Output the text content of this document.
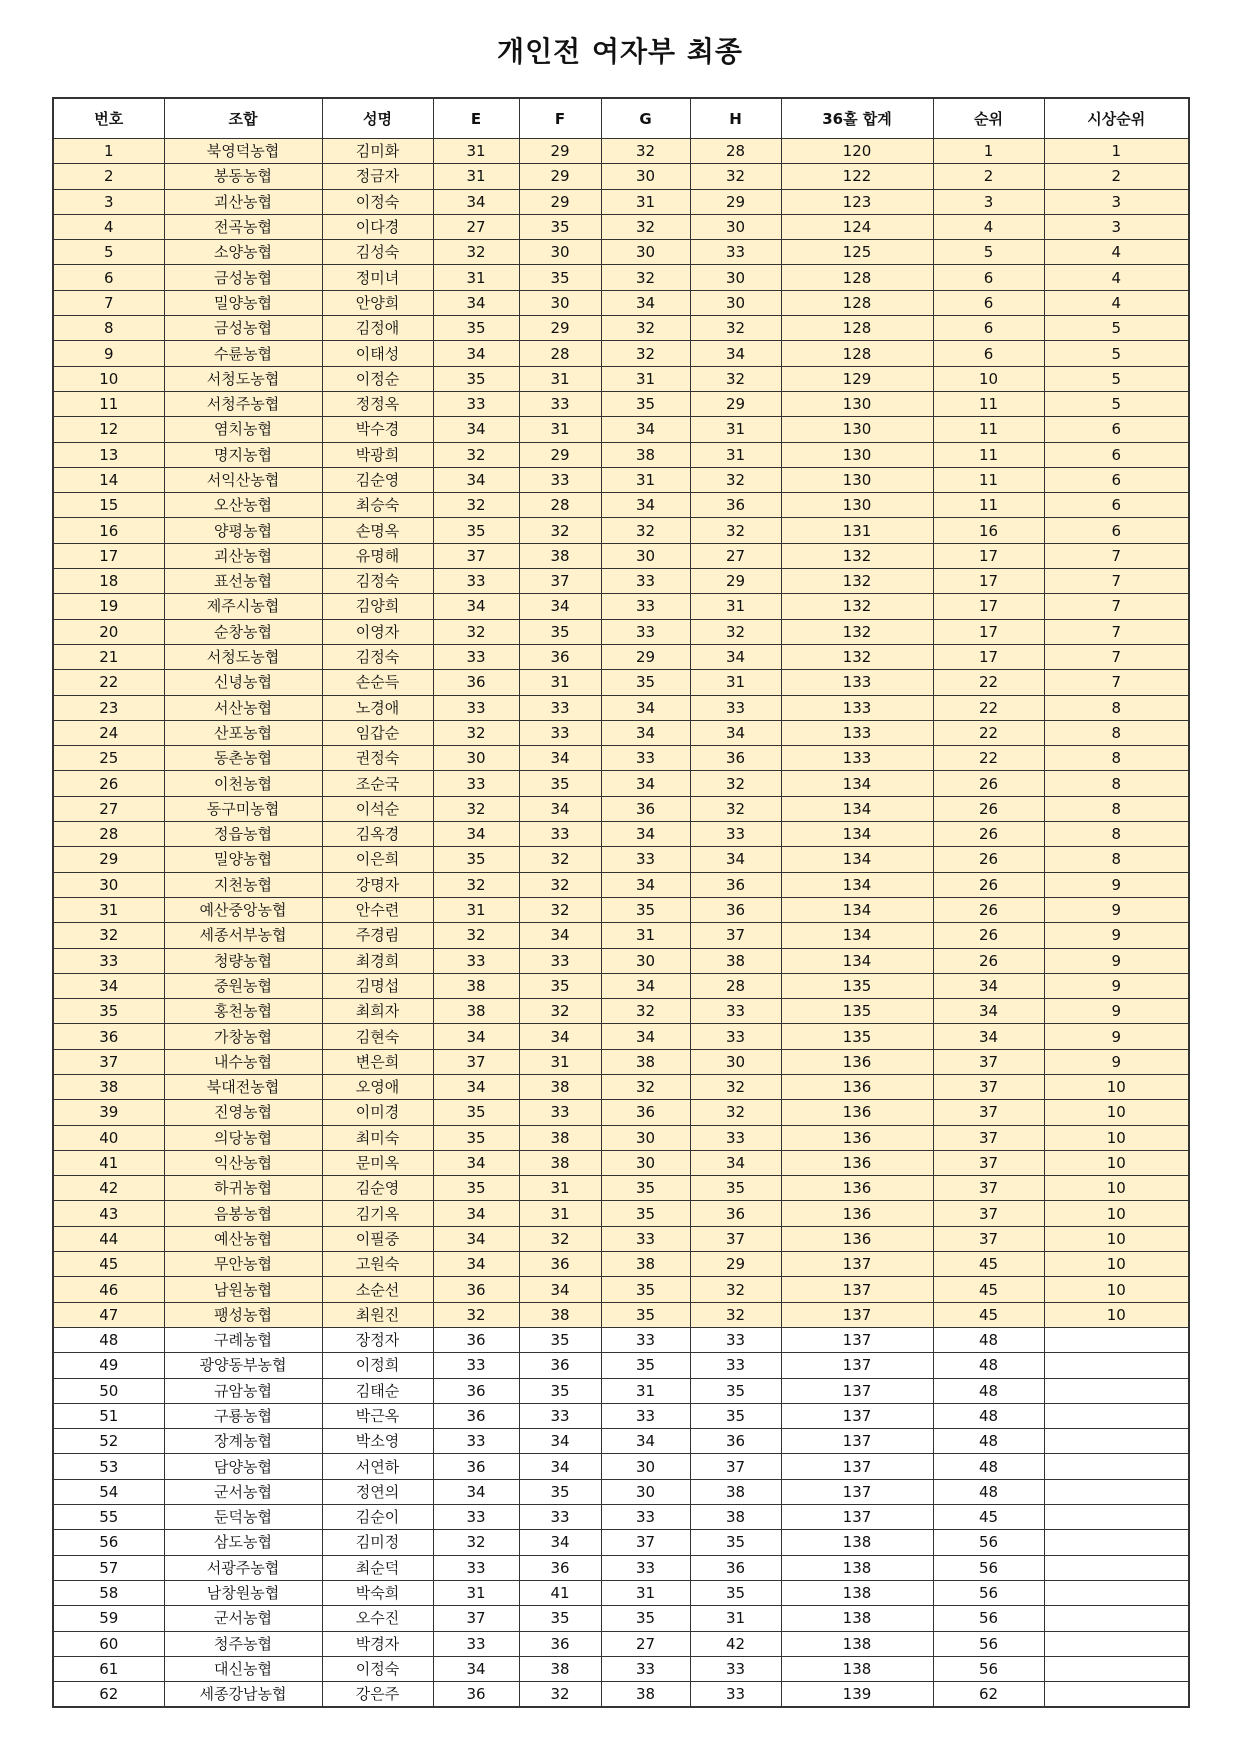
개인전 여자부 최종
번호	조합	성명	E	F	G	H	36홀 합계	순위	시상순위
1	북영덕농협	김미화	31	29	32	28	120	1	1
2	봉동농협	정금자	31	29	30	32	122	2	2
3	괴산농협	이정숙	34	29	31	29	123	3	3
4	전곡농협	이다경	27	35	32	30	124	4	3
5	소양농협	김성숙	32	30	30	33	125	5	4
6	금성농협	정미녀	31	35	32	30	128	6	4
7	밀양농협	안양희	34	30	34	30	128	6	4
8	금성농협	김정애	35	29	32	32	128	6	5
9	수륜농협	이태성	34	28	32	34	128	6	5
10	서청도농협	이정순	35	31	31	32	129	10	5
11	서청주농협	정정옥	33	33	35	29	130	11	5
12	염치농협	박수경	34	31	34	31	130	11	6
13	명지농협	박광희	32	29	38	31	130	11	6
14	서익산농협	김순영	34	33	31	32	130	11	6
15	오산농협	최승숙	32	28	34	36	130	11	6
16	양평농협	손명옥	35	32	32	32	131	16	6
17	괴산농협	유명해	37	38	30	27	132	17	7
18	표선농협	김정숙	33	37	33	29	132	17	7
19	제주시농협	김양희	34	34	33	31	132	17	7
20	순창농협	이영자	32	35	33	32	132	17	7
21	서청도농협	김정숙	33	36	29	34	132	17	7
22	신녕농협	손순득	36	31	35	31	133	22	7
23	서산농협	노경애	33	33	34	33	133	22	8
24	산포농협	임갑순	32	33	34	34	133	22	8
25	동촌농협	권정숙	30	34	33	36	133	22	8
26	이천농협	조순국	33	35	34	32	134	26	8
27	동구미농협	이석순	32	34	36	32	134	26	8
28	정읍농협	김옥경	34	33	34	33	134	26	8
29	밀양농협	이은희	35	32	33	34	134	26	8
30	지천농협	강명자	32	32	34	36	134	26	9
31	예산중앙농협	안수련	31	32	35	36	134	26	9
32	세종서부농협	주경림	32	34	31	37	134	26	9
33	청량농협	최경희	33	33	30	38	134	26	9
34	중원농협	김명섭	38	35	34	28	135	34	9
35	홍천농협	최희자	38	32	32	33	135	34	9
36	가창농협	김현숙	34	34	34	33	135	34	9
37	내수농협	변은희	37	31	38	30	136	37	9
38	북대전농협	오영애	34	38	32	32	136	37	10
39	진영농협	이미경	35	33	36	32	136	37	10
40	의당농협	최미숙	35	38	30	33	136	37	10
41	익산농협	문미옥	34	38	30	34	136	37	10
42	하귀농협	김순영	35	31	35	35	136	37	10
43	음봉농협	김기옥	34	31	35	36	136	37	10
44	예산농협	이필중	34	32	33	37	136	37	10
45	무안농협	고원숙	34	36	38	29	137	45	10
46	남원농협	소순선	36	34	35	32	137	45	10
47	팽성농협	최원진	32	38	35	32	137	45	10
48	구례농협	장정자	36	35	33	33	137	48	
49	광양동부농협	이정희	33	36	35	33	137	48	
50	규암농협	김태순	36	35	31	35	137	48	
51	구룡농협	박근옥	36	33	33	35	137	48	
52	장계농협	박소영	33	34	34	36	137	48	
53	담양농협	서연하	36	34	30	37	137	48	
54	군서농협	정연의	34	35	30	38	137	48	
55	둔덕농협	김순이	33	33	33	38	137	45	
56	삼도농협	김미정	32	34	37	35	138	56	
57	서광주농협	최순덕	33	36	33	36	138	56	
58	남창원농협	박숙희	31	41	31	35	138	56	
59	군서농협	오수진	37	35	35	31	138	56	
60	청주농협	박경자	33	36	27	42	138	56	
61	대신농협	이정숙	34	38	33	33	138	56	
62	세종강남농협	강은주	36	32	38	33	139	62	
